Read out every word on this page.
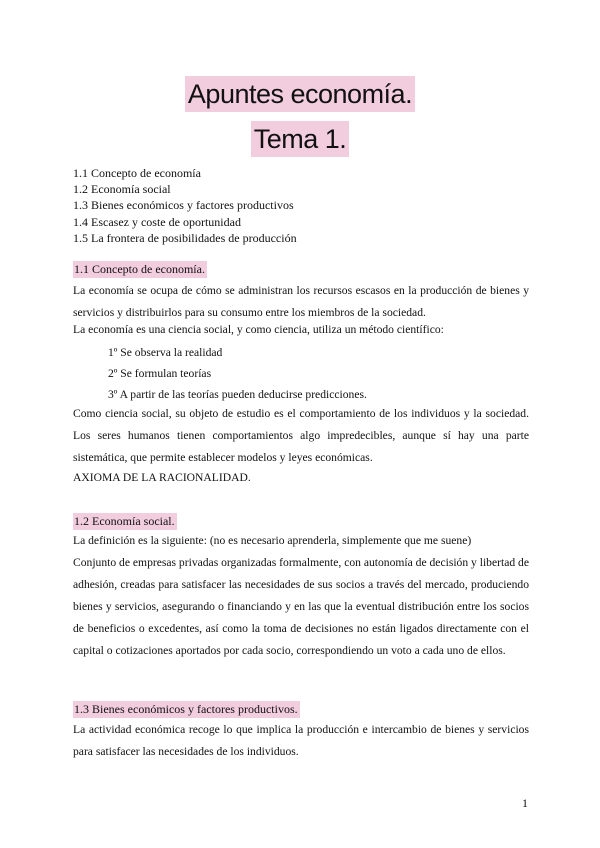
Apuntes economía.
Tema 1.
1.1 Concepto de economía
1.2 Economía social
1.3 Bienes económicos y factores productivos
1.4 Escasez y coste de oportunidad
1.5 La frontera de posibilidades de producción
1.1 Concepto de economía.
La economía se ocupa de cómo se administran los recursos escasos en la producción de bienes y servicios y distribuirlos para su consumo entre los miembros de la sociedad.
La economía es una ciencia social, y como ciencia, utiliza un método científico:
1º Se observa la realidad
2º Se formulan teorías
3º A partir de las teorías pueden deducirse predicciones.
Como ciencia social, su objeto de estudio es el comportamiento de los individuos y la sociedad. Los seres humanos tienen comportamientos algo impredecibles, aunque sí hay una parte sistemática, que permite establecer modelos y leyes económicas.
AXIOMA DE LA RACIONALIDAD.
1.2 Economía social.
La definición es la siguiente: (no es necesario aprenderla, simplemente que me suene)
Conjunto de empresas privadas organizadas formalmente, con autonomía de decisión y libertad de adhesión, creadas para satisfacer las necesidades de sus socios a través del mercado, produciendo bienes y servicios, asegurando o financiando y en las que la eventual distribución entre los socios de beneficios o excedentes, así como la toma de decisiones no están ligados directamente con el capital o cotizaciones aportados por cada socio, correspondiendo un voto a cada uno de ellos.
1.3 Bienes económicos y factores productivos.
La actividad económica recoge lo que implica la producción e intercambio de bienes y servicios para satisfacer las necesidades de los individuos.
1
